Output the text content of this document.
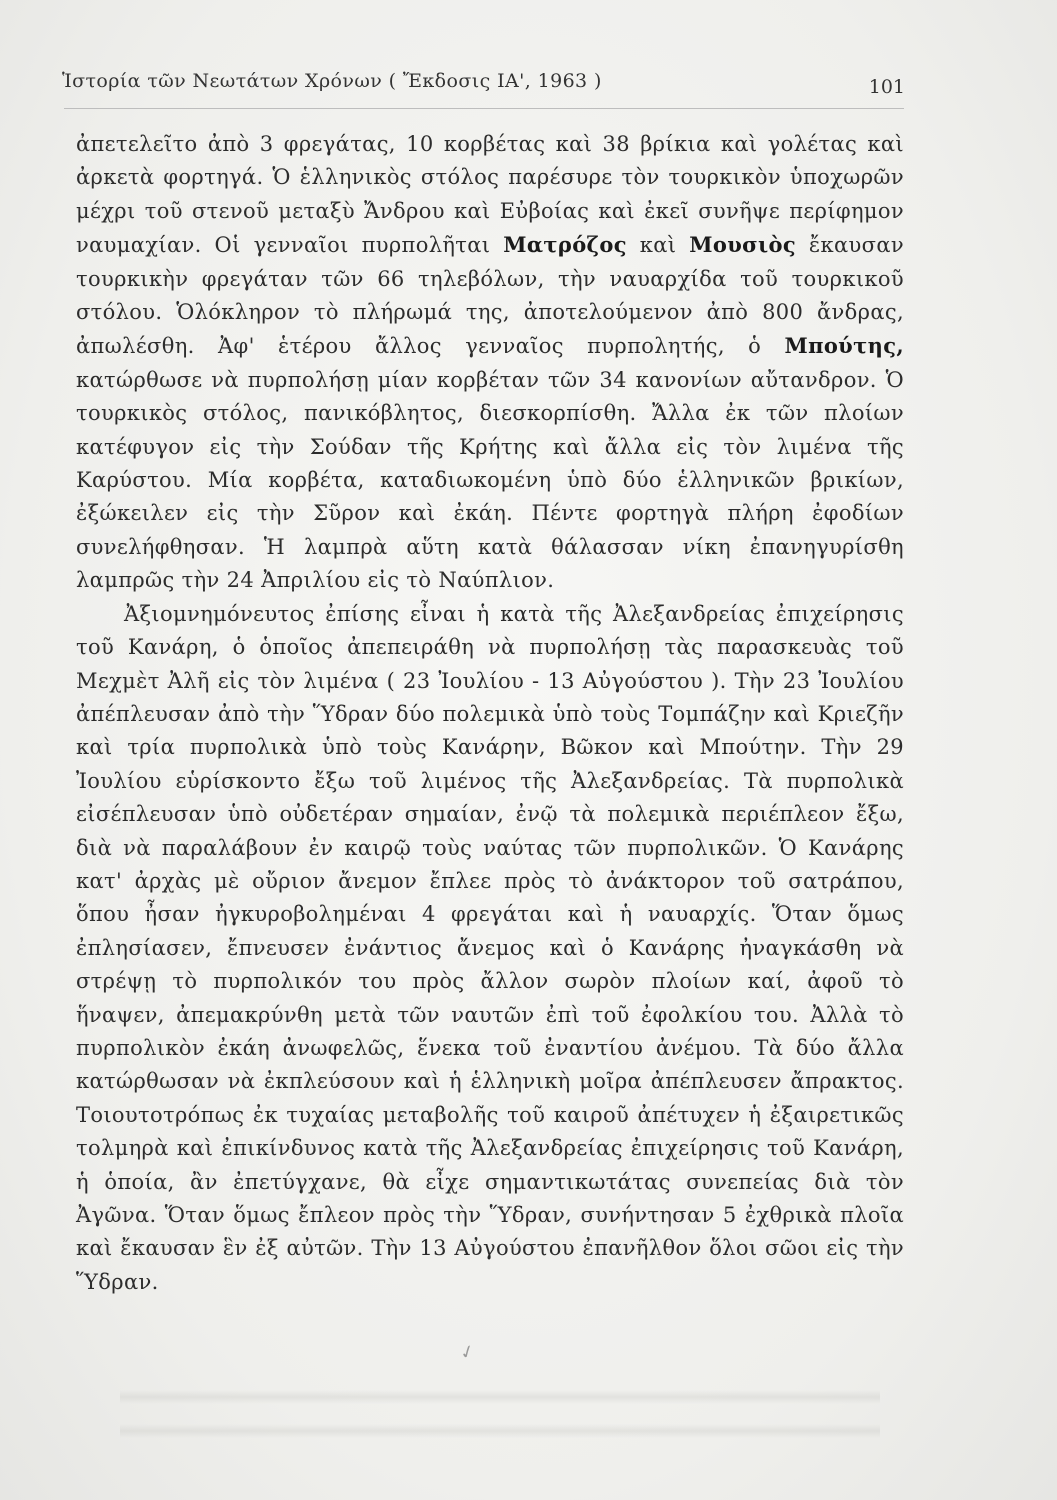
Ἱστορία τῶν Νεωτάτων Χρόνων ( Ἔκδοσις ΙΑ', 1963 )	101

ἀπετελεῖτο ἀπὸ 3 φρεγάτας, 10 κορβέτας καὶ 38 βρίκια καὶ γολέτας καὶ ἀρκετὰ φορτηγά. Ὁ ἑλληνικὸς στόλος παρέσυρε τὸν τουρκικὸν ὑποχωρῶν μέχρι τοῦ στενοῦ μεταξὺ Ἄνδρου καὶ Εὐβοίας καὶ ἐκεῖ συνῆψε περίφημον ναυμαχίαν. Οἱ γενναῖοι πυρπολῆται Ματρόζος καὶ Μουσιὸς ἔκαυσαν τουρκικὴν φρεγάταν τῶν 66 τηλεβόλων, τὴν ναυαρχίδα τοῦ τουρκικοῦ στόλου. Ὁλόκληρον τὸ πλήρωμά της, ἀποτελούμενον ἀπὸ 800 ἄνδρας, ἀπωλέσθη. Ἀφ' ἑτέρου ἄλλος γενναῖος πυρπολητής, ὁ Μπούτης, κατώρθωσε νὰ πυρπολήσῃ μίαν κορβέταν τῶν 34 κανονίων αὔτανδρον. Ὁ τουρκικὸς στόλος, πανικόβλητος, διεσκορπίσθη. Ἄλλα ἐκ τῶν πλοίων κατέφυγον εἰς τὴν Σούδαν τῆς Κρήτης καὶ ἄλλα εἰς τὸν λιμένα τῆς Καρύστου. Μία κορβέτα, καταδιωκομένη ὑπὸ δύο ἑλληνικῶν βρικίων, ἐξώκειλεν εἰς τὴν Σῦρον καὶ ἐκάη. Πέντε φορτηγὰ πλήρη ἐφοδίων συνελήφθησαν. Ἡ λαμπρὰ αὕτη κατὰ θάλασσαν νίκη ἐπανηγυρίσθη λαμπρῶς τὴν 24 Ἀπριλίου εἰς τὸ Ναύπλιον.

Ἀξιομνημόνευτος ἐπίσης εἶναι ἡ κατὰ τῆς Ἀλεξανδρείας ἐπιχείρησις τοῦ Κανάρη, ὁ ὁποῖος ἀπεπειράθη νὰ πυρπολήσῃ τὰς παρασκευὰς τοῦ Μεχμὲτ Ἀλῆ εἰς τὸν λιμένα ( 23 Ἰουλίου - 13 Αὐγούστου ). Τὴν 23 Ἰουλίου ἀπέπλευσαν ἀπὸ τὴν Ὕδραν δύο πολεμικὰ ὑπὸ τοὺς Τομπάζην καὶ Κριεζῆν καὶ τρία πυρπολικὰ ὑπὸ τοὺς Κανάρην, Βῶκον καὶ Μπούτην. Τὴν 29 Ἰουλίου εὑρίσκοντο ἔξω τοῦ λιμένος τῆς Ἀλεξανδρείας. Τὰ πυρπολικὰ εἰσέπλευσαν ὑπὸ οὐδετέραν σημαίαν, ἐνῷ τὰ πολεμικὰ περιέπλεον ἔξω, διὰ νὰ παραλάβουν ἐν καιρῷ τοὺς ναύτας τῶν πυρπολικῶν. Ὁ Κανάρης κατ' ἀρχὰς μὲ οὔριον ἄνεμον ἔπλεε πρὸς τὸ ἀνάκτορον τοῦ σατράπου, ὅπου ἦσαν ἠγκυροβολημέναι 4 φρεγάται καὶ ἡ ναυαρχίς. Ὅταν ὅμως ἐπλησίασεν, ἔπνευσεν ἐνάντιος ἄνεμος καὶ ὁ Κανάρης ἠναγκάσθη νὰ στρέψῃ τὸ πυρπολικόν του πρὸς ἄλλον σωρὸν πλοίων καί, ἀφοῦ τὸ ἥναψεν, ἀπεμακρύνθη μετὰ τῶν ναυτῶν ἐπὶ τοῦ ἐφολκίου του. Ἀλλὰ τὸ πυρπολικὸν ἐκάη ἀνωφελῶς, ἕνεκα τοῦ ἐναντίου ἀνέμου. Τὰ δύο ἄλλα κατώρθωσαν νὰ ἐκπλεύσουν καὶ ἡ ἑλληνικὴ μοῖρα ἀπέπλευσεν ἄπρακτος. Τοιουτοτρόπως ἐκ τυχαίας μεταβολῆς τοῦ καιροῦ ἀπέτυχεν ἡ ἐξαιρετικῶς τολμηρὰ καὶ ἐπικίνδυνος κατὰ τῆς Ἀλεξανδρείας ἐπιχείρησις τοῦ Κανάρη, ἡ ὁποία, ἂν ἐπετύγχανε, θὰ εἶχε σημαντικωτάτας συνεπείας διὰ τὸν Ἀγῶνα. Ὅταν ὅμως ἔπλεον πρὸς τὴν Ὕδραν, συνήντησαν 5 ἐχθρικὰ πλοῖα καὶ ἔκαυσαν ἓν ἐξ αὐτῶν. Τὴν 13 Αὐγούστου ἐπανῆλθον ὅλοι σῶοι εἰς τὴν Ὕδραν.

✓
